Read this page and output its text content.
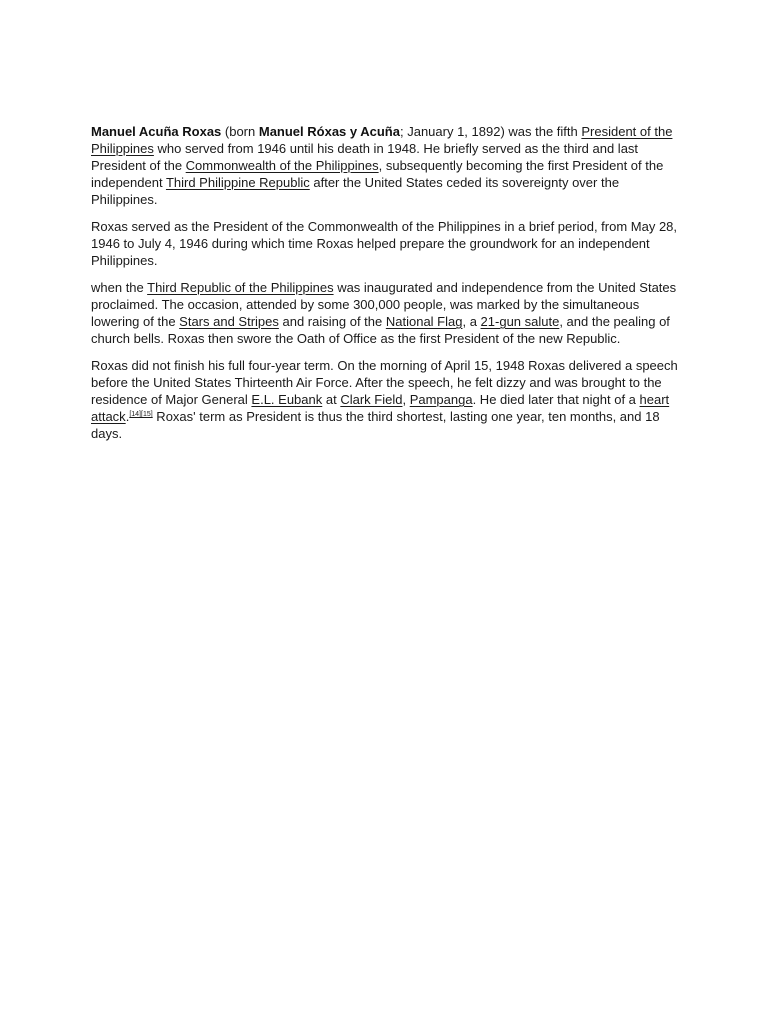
Manuel Acuña Roxas (born Manuel Róxas y Acuña; January 1, 1892) was the fifth President of the Philippines who served from 1946 until his death in 1948. He briefly served as the third and last President of the Commonwealth of the Philippines, subsequently becoming the first President of the independent Third Philippine Republic after the United States ceded its sovereignty over the Philippines.

Roxas served as the President of the Commonwealth of the Philippines in a brief period, from May 28, 1946 to July 4, 1946 during which time Roxas helped prepare the groundwork for an independent Philippines.

when the Third Republic of the Philippines was inaugurated and independence from the United States proclaimed. The occasion, attended by some 300,000 people, was marked by the simultaneous lowering of the Stars and Stripes and raising of the National Flag, a 21-gun salute, and the pealing of church bells. Roxas then swore the Oath of Office as the first President of the new Republic.

Roxas did not finish his full four-year term. On the morning of April 15, 1948 Roxas delivered a speech before the United States Thirteenth Air Force. After the speech, he felt dizzy and was brought to the residence of Major General E.L. Eubank at Clark Field, Pampanga. He died later that night of a heart attack.[14][15] Roxas' term as President is thus the third shortest, lasting one year, ten months, and 18 days.
